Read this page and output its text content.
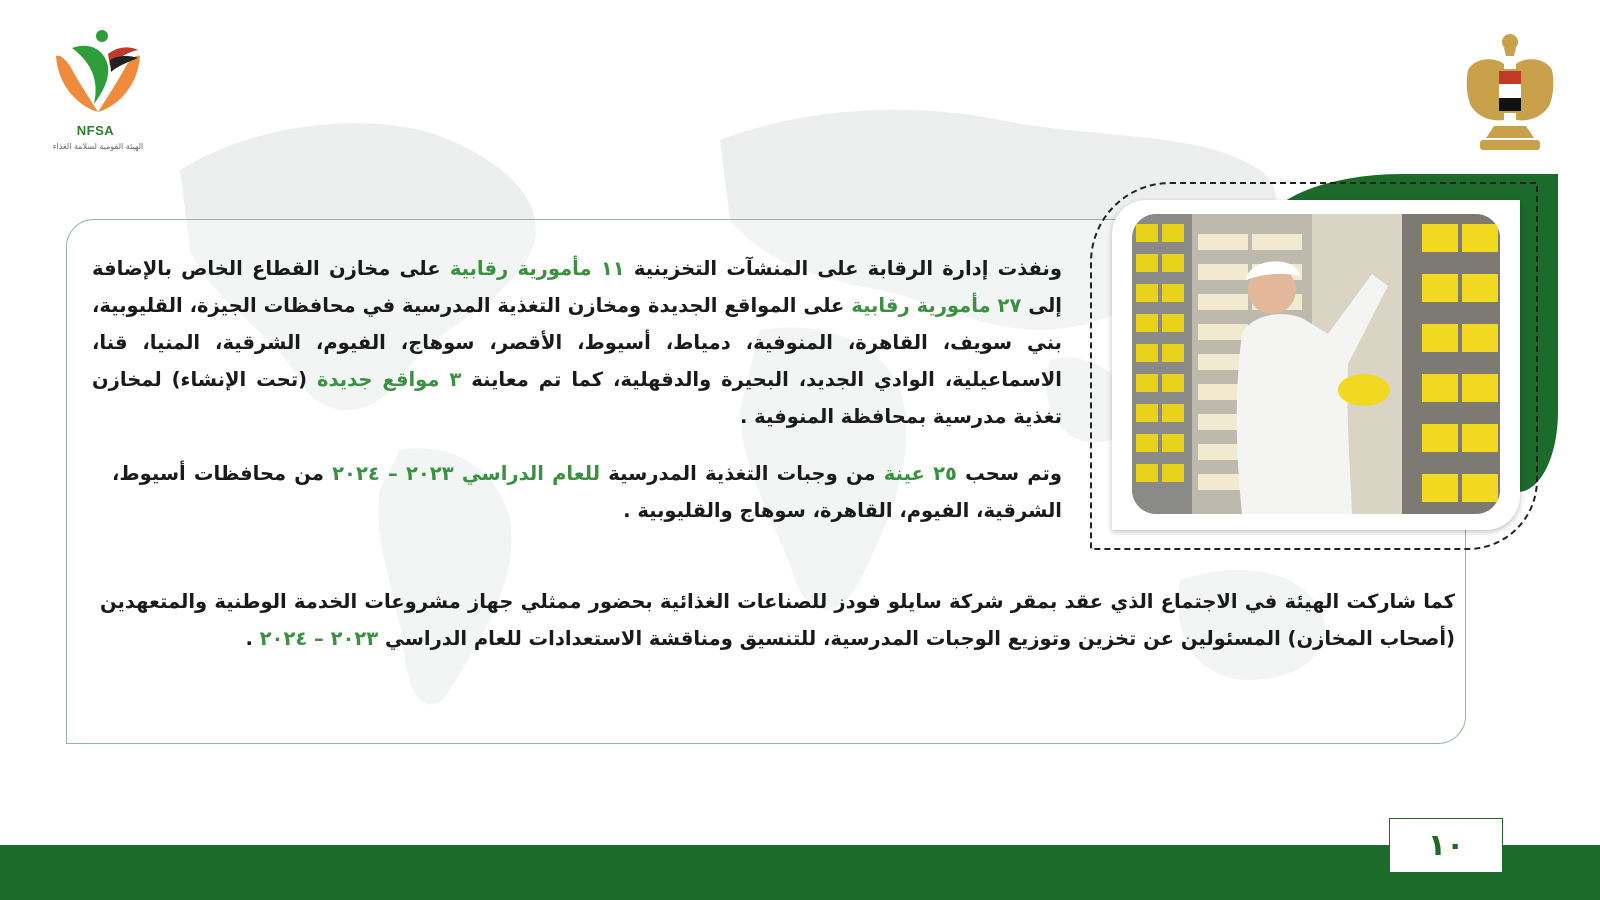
NFSA
الهيئة القومية لسلامة الغذاء

ونفذت إدارة الرقابة على المنشآت التخزينية ١١ مأمورية رقابية على مخازن القطاع الخاص بالإضافة إلى ٢٧ مأمورية رقابية على المواقع الجديدة ومخازن التغذية المدرسية في محافظات الجيزة، القليوبية، بني سويف، القاهرة، المنوفية، دمياط، أسيوط، الأقصر، سوهاج، الفيوم، الشرقية، المنيا، قنا، الاسماعيلية، الوادي الجديد، البحيرة والدقهلية، كما تم معاينة ٣ مواقع جديدة (تحت الإنشاء) لمخازن تغذية مدرسية بمحافظة المنوفية .

وتم سحب ٢٥ عينة من وجبات التغذية المدرسية للعام الدراسي ٢٠٢٣ – ٢٠٢٤ من محافظات أسيوط، الشرقية، الفيوم، القاهرة، سوهاج والقليوبية .

كما شاركت الهيئة في الاجتماع الذي عقد بمقر شركة سايلو فودز للصناعات الغذائية بحضور ممثلي جهاز مشروعات الخدمة الوطنية والمتعهدين (أصحاب المخازن) المسئولين عن تخزين وتوزيع الوجبات المدرسية، للتنسيق ومناقشة الاستعدادات للعام الدراسي ٢٠٢٣ – ٢٠٢٤ .

١٠
